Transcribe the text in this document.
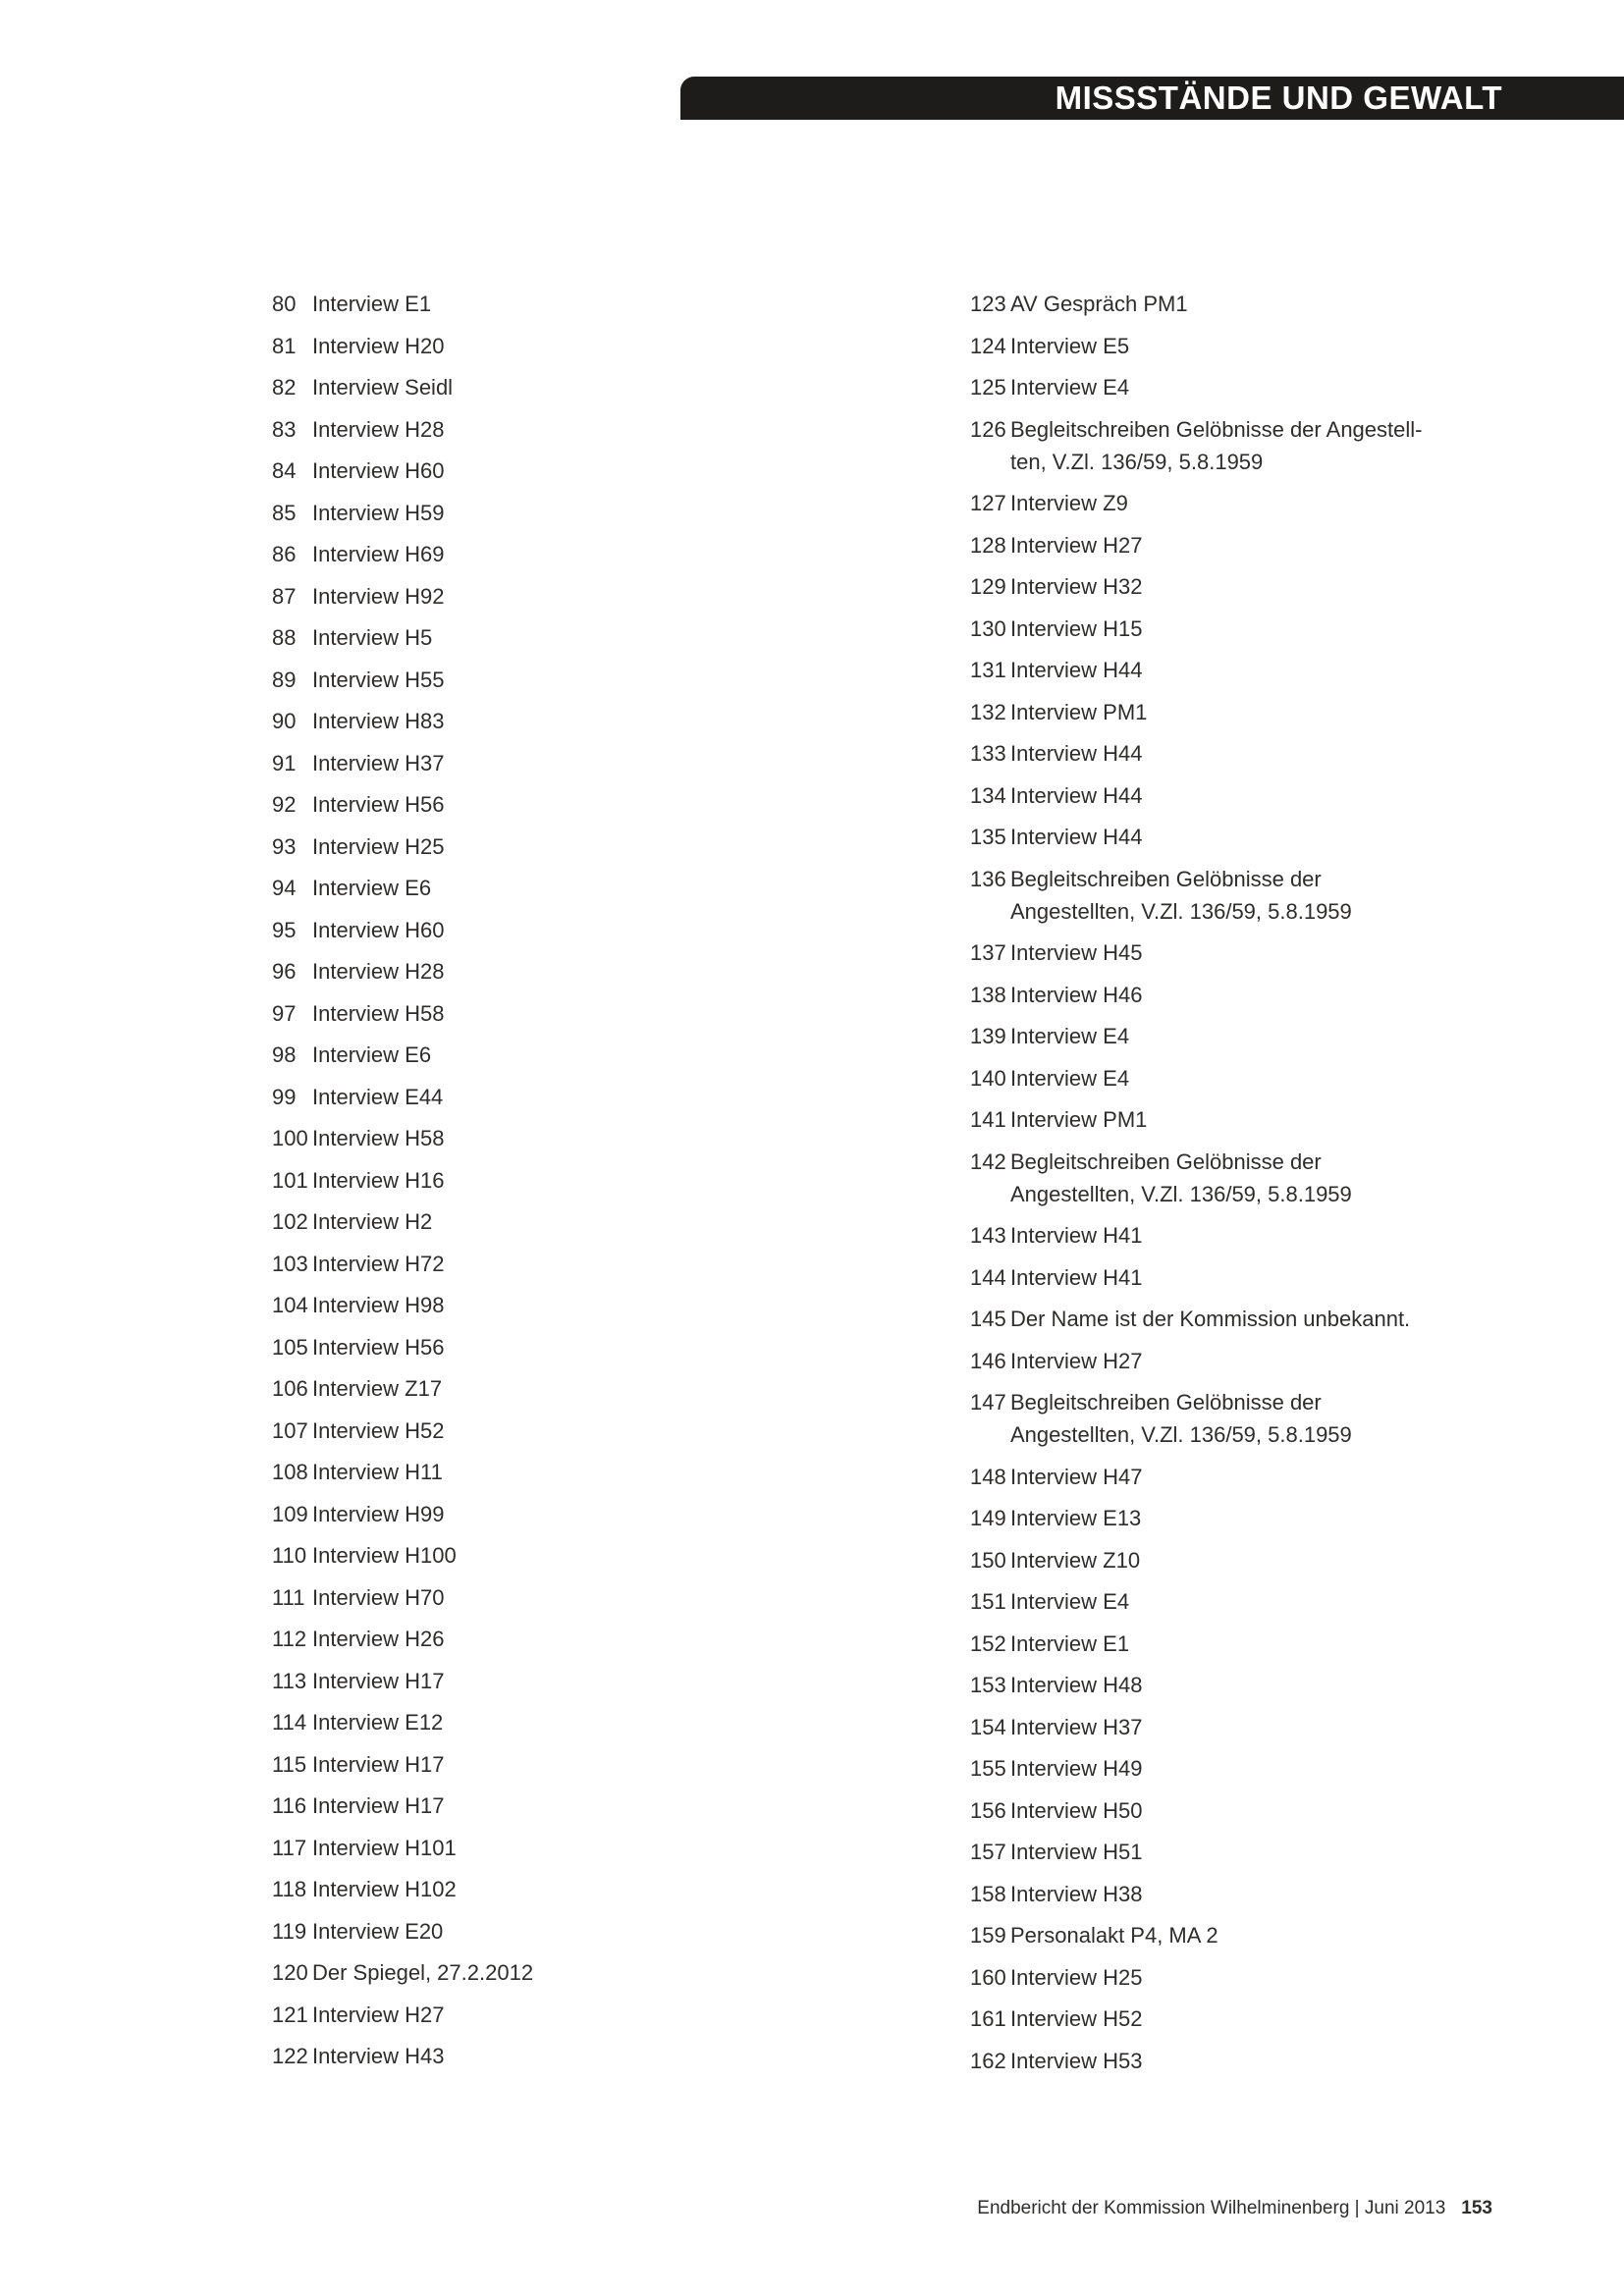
MISSSTÄNDE UND GEWALT
80 Interview E1
81 Interview H20
82 Interview Seidl
83 Interview H28
84 Interview H60
85 Interview H59
86 Interview H69
87 Interview H92
88 Interview H5
89 Interview H55
90 Interview H83
91 Interview H37
92 Interview H56
93 Interview H25
94 Interview E6
95 Interview H60
96 Interview H28
97 Interview H58
98 Interview E6
99 Interview E44
100 Interview H58
101 Interview H16
102 Interview H2
103 Interview H72
104 Interview H98
105 Interview H56
106 Interview Z17
107 Interview H52
108 Interview H11
109 Interview H99
110 Interview H100
111 Interview H70
112 Interview H26
113 Interview H17
114 Interview E12
115 Interview H17
116 Interview H17
117 Interview H101
118 Interview H102
119 Interview E20
120 Der Spiegel, 27.2.2012
121 Interview H27
122 Interview H43
123 AV Gespräch PM1
124 Interview E5
125 Interview E4
126 Begleitschreiben Gelöbnisse der Angestell-
ten, V.Zl. 136/59, 5.8.1959
127 Interview Z9
128 Interview H27
129 Interview H32
130 Interview H15
131 Interview H44
132 Interview PM1
133 Interview H44
134 Interview H44
135 Interview H44
136 Begleitschreiben Gelöbnisse der
Angestellten, V.Zl. 136/59, 5.8.1959
137 Interview H45
138 Interview H46
139 Interview E4
140 Interview E4
141 Interview PM1
142 Begleitschreiben Gelöbnisse der
Angestellten, V.Zl. 136/59, 5.8.1959
143 Interview H41
144 Interview H41
145 Der Name ist der Kommission unbekannt.
146 Interview H27
147 Begleitschreiben Gelöbnisse der
Angestellten, V.Zl. 136/59, 5.8.1959
148 Interview H47
149 Interview E13
150 Interview Z10
151 Interview E4
152 Interview E1
153 Interview H48
154 Interview H37
155 Interview H49
156 Interview H50
157 Interview H51
158 Interview H38
159 Personalakt P4, MA 2
160 Interview H25
161 Interview H52
162 Interview H53
Endbericht der Kommission Wilhelminenberg | Juni 2013 153
